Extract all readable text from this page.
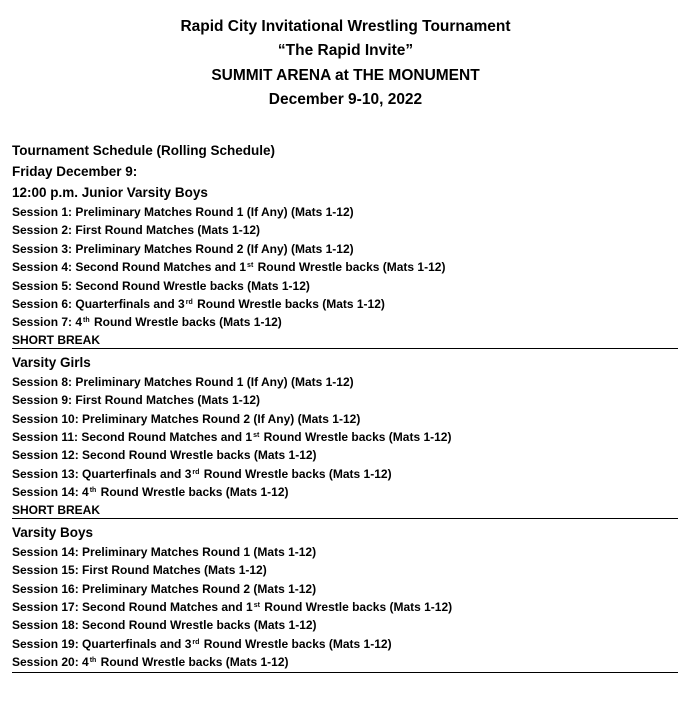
Rapid City Invitational Wrestling Tournament
“The Rapid Invite”
SUMMIT ARENA at THE MONUMENT
December 9-10, 2022
Tournament Schedule (Rolling Schedule)
Friday December 9:
12:00 p.m. Junior Varsity Boys
Session 1: Preliminary Matches Round 1 (If Any) (Mats 1-12)
Session 2: First Round Matches (Mats 1-12)
Session 3: Preliminary Matches Round 2 (If Any) (Mats 1-12)
Session 4: Second Round Matches and 1st Round Wrestle backs (Mats 1-12)
Session 5: Second Round Wrestle backs (Mats 1-12)
Session 6: Quarterfinals and 3rd Round Wrestle backs (Mats 1-12)
Session 7: 4th Round Wrestle backs (Mats 1-12)
SHORT BREAK
Varsity Girls
Session 8: Preliminary Matches Round 1 (If Any) (Mats 1-12)
Session 9: First Round Matches (Mats 1-12)
Session 10: Preliminary Matches Round 2 (If Any) (Mats 1-12)
Session 11: Second Round Matches and 1st Round Wrestle backs (Mats 1-12)
Session 12: Second Round Wrestle backs (Mats 1-12)
Session 13: Quarterfinals and 3rd Round Wrestle backs (Mats 1-12)
Session 14: 4th Round Wrestle backs (Mats 1-12)
SHORT BREAK
Varsity Boys
Session 14: Preliminary Matches Round 1 (Mats 1-12)
Session 15: First Round Matches (Mats 1-12)
Session 16: Preliminary Matches Round 2 (Mats 1-12)
Session 17: Second Round Matches and 1st Round Wrestle backs (Mats 1-12)
Session 18: Second Round Wrestle backs (Mats 1-12)
Session 19: Quarterfinals and 3rd Round Wrestle backs (Mats 1-12)
Session 20: 4th Round Wrestle backs (Mats 1-12)
